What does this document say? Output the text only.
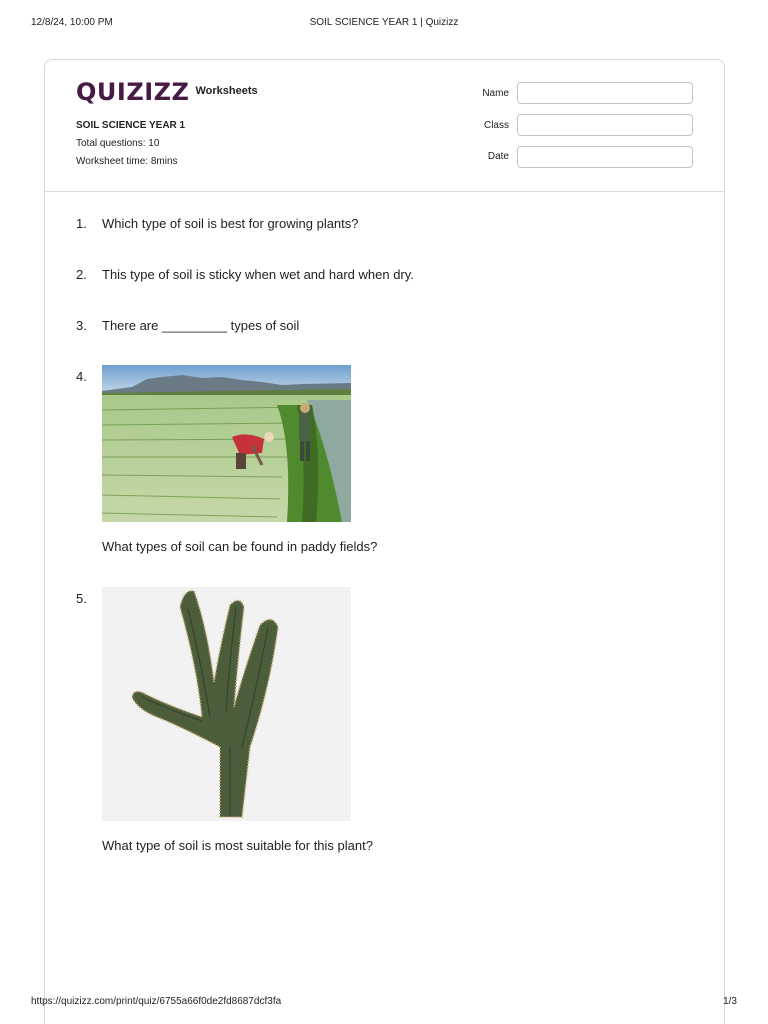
12/8/24, 10:00 PM	SOIL SCIENCE YEAR 1 | Quizizz
QUIZIZZ Worksheets
SOIL SCIENCE YEAR 1
Total questions: 10
Worksheet time: 8mins
Name
Class
Date
1. Which type of soil is best for growing plants?
2. This type of soil is sticky when wet and hard when dry.
3. There are _________ types of soil
4.
What types of soil can be found in paddy fields?
5.
What type of soil is most suitable for this plant?
https://quizizz.com/print/quiz/6755a66f0de2fd8687dcf3fa	1/3
